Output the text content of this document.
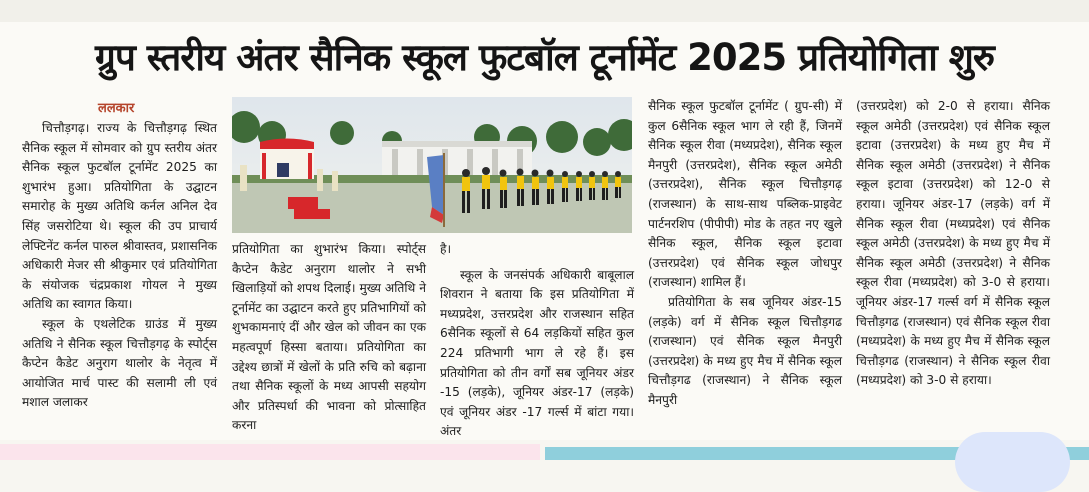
ग्रुप स्तरीय अंतर सैनिक स्कूल फुटबॉल टूर्नामेंट 2025 प्रतियोगिता शुरु
ललकार

चित्तौड़गढ़। राज्य के चित्तौड़गढ़ स्थित सैनिक स्कूल में सोमवार को ग्रुप स्तरीय अंतर सैनिक स्कूल फुटबॉल टूर्नामेंट 2025 का शुभारंभ हुआ। प्रतियोगिता के उद्घाटन समारोह के मुख्य अतिथि कर्नल अनिल देव सिंह जसरोटिया थे। स्कूल की उप प्राचार्य लेफ्टिनेंट कर्नल पारुल श्रीवास्तव, प्रशासनिक अधिकारी मेजर सी श्रीकुमार एवं प्रतियोगिता के संयोजक चंद्रप्रकाश गोयल ने मुख्य अतिथि का स्वागत किया।

स्कूल के एथलेटिक ग्राउंड में मुख्य अतिथि ने सैनिक स्कूल चित्तौड़गढ़ के स्पोर्ट्स कैप्टेन कैडेट अनुराग थालोर के नेतृत्व में आयोजित मार्च पास्ट की सलामी ली एवं मशाल जलाकर

प्रतियोगिता का शुभारंभ किया। स्पोर्ट्स कैप्टेन कैडेट अनुराग थालोर ने सभी खिलाड़ियों को शपथ दिलाई। मुख्य अतिथि ने टूर्नामेंट का उद्घाटन करते हुए प्रतिभागियों को शुभकामनाएं दीं और खेल को जीवन का एक महत्वपूर्ण हिस्सा बताया। प्रतियोगिता का उद्देश्य छात्रों में खेलों के प्रति रुचि को बढ़ाना तथा सैनिक स्कूलों के मध्य आपसी सहयोग और प्रतिस्पर्धा की भावना को प्रोत्साहित करना

है।

स्कूल के जनसंपर्क अधिकारी बाबूलाल शिवरान ने बताया कि इस प्रतियोगिता में मध्यप्रदेश, उत्तरप्रदेश और राजस्थान सहित 6सैनिक स्कूलों से 64 लड़कियों सहित कुल 224 प्रतिभागी भाग ले रहे हैं। इस प्रतियोगिता को तीन वर्गों सब जूनियर अंडर -15 (लड़के), जूनियर अंडर-17 (लड़के) एवं जूनियर अंडर -17 गर्ल्स में बांटा गया। अंतर

सैनिक स्कूल फुटबॉल टूर्नामेंट ( ग्रुप-सी) में कुल 6सैनिक स्कूल भाग ले रही हैं, जिनमें सैनिक स्कूल रीवा (मध्यप्रदेश), सैनिक स्कूल मैनपुरी (उत्तरप्रदेश), सैनिक स्कूल अमेठी (उत्तरप्रदेश), सैनिक स्कूल चित्तौड़गढ़ (राजस्थान) के साथ-साथ पब्लिक-प्राइवेट पार्टनरशिप (पीपीपी) मोड के तहत नए खुले सैनिक स्कूल, सैनिक स्कूल इटावा (उत्तरप्रदेश) एवं सैनिक स्कूल जोधपुर (राजस्थान) शामिल हैं।

प्रतियोगिता के सब जूनियर अंडर-15 (लड़के) वर्ग में सैनिक स्कूल चित्तौड़गढ (राजस्थान) एवं सैनिक स्कूल मैनपुरी (उत्तरप्रदेश) के मध्य हुए मैच में सैनिक स्कूल चित्तौड़गढ (राजस्थान) ने सैनिक स्कूल मैनपुरी

(उत्तरप्रदेश) को 2-0 से हराया। सैनिक स्कूल अमेठी (उत्तरप्रदेश) एवं सैनिक स्कूल इटावा (उत्तरप्रदेश) के मध्य हुए मैच में सैनिक स्कूल अमेठी (उत्तरप्रदेश) ने सैनिक स्कूल इटावा (उत्तरप्रदेश) को 12-0 से हराया। जूनियर अंडर-17 (लड़के) वर्ग में सैनिक स्कूल रीवा (मध्यप्रदेश) एवं सैनिक स्कूल अमेठी (उत्तरप्रदेश) के मध्य हुए मैच में सैनिक स्कूल अमेठी (उत्तरप्रदेश) ने सैनिक स्कूल रीवा (मध्यप्रदेश) को 3-0 से हराया। जूनियर अंडर-17 गर्ल्स वर्ग में सैनिक स्कूल चित्तौड़गढ (राजस्थान) एवं सैनिक स्कूल रीवा (मध्यप्रदेश) के मध्य हुए मैच में सैनिक स्कूल चित्तौड़गढ (राजस्थान) ने सैनिक स्कूल रीवा (मध्यप्रदेश) को 3-0 से हराया।
